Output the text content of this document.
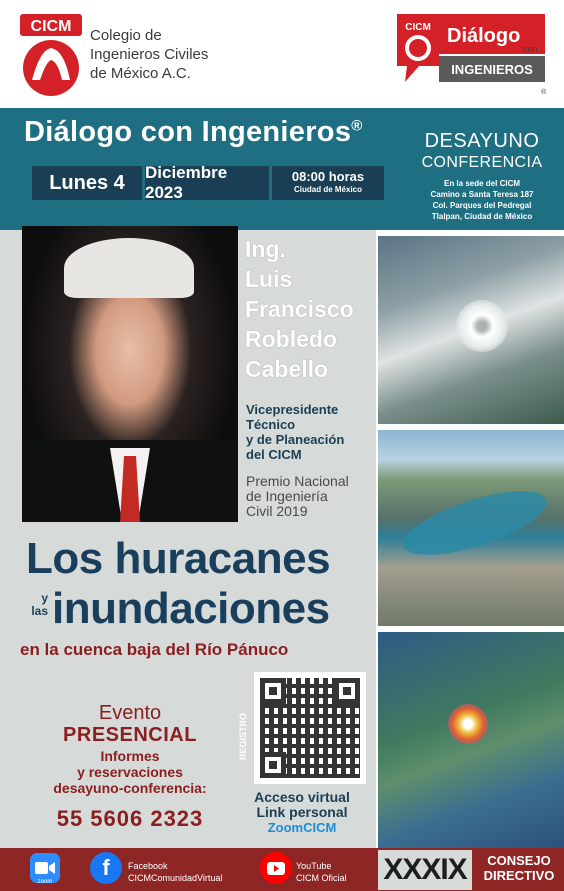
CICM
Colegio de
Ingenieros Civiles
de México A.C.
CICM Diálogo
con
INGENIEROS
®
Diálogo con Ingenieros®
Lunes 4	Diciembre 2023
08:00 horas
Ciudad de México
DESAYUNO
CONFERENCIA
En la sede del CICM
Camino a Santa Teresa 187
Col. Parques del Pedregal
Tlalpan, Ciudad de México
Ing.
Luis
Francisco
Robledo
Cabello
Vicepresidente
Técnico
y de Planeación
del CICM
Premio Nacional
de Ingeniería
Civil 2019
Los huracanes
y
las inundaciones
en la cuenca baja del Río Pánuco
Evento
PRESENCIAL
Informes
y reservaciones
desayuno-conferencia:
55 5606 2323
REGISTRO
Acceso virtual
Link personal
ZoomCICM
zoom
f	Facebook
CICMComunidadVirtual
YouTube
CICM Oficial XXXIX	CONSEJO
DIRECTIVO
